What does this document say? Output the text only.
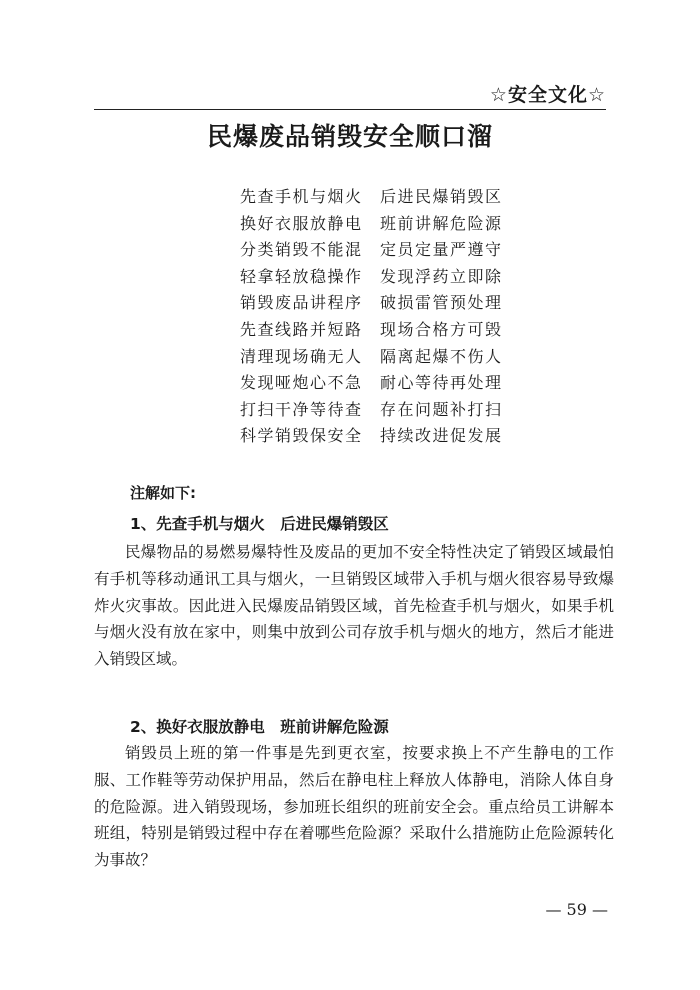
☆安全文化☆
民爆废品销毁安全顺口溜
先查手机与烟火	后进民爆销毁区
换好衣服放静电	班前讲解危险源
分类销毁不能混	定员定量严遵守
轻拿轻放稳操作	发现浮药立即除
销毁废品讲程序	破损雷管预处理
先查线路并短路	现场合格方可毁
清理现场确无人	隔离起爆不伤人
发现哑炮心不急	耐心等待再处理
打扫干净等待查	存在问题补打扫
科学销毁保安全	持续改进促发展
注解如下:
1、先查手机与烟火　后进民爆销毁区

民爆物品的易燃易爆特性及废品的更加不安全特性决定了销毁区域最怕有手机等移动通讯工具与烟火，一旦销毁区域带入手机与烟火很容易导致爆炸火灾事故。因此进入民爆废品销毁区域，首先检查手机与烟火，如果手机与烟火没有放在家中，则集中放到公司存放手机与烟火的地方，然后才能进入销毁区域。

2、换好衣服放静电　班前讲解危险源

销毁员上班的第一件事是先到更衣室，按要求换上不产生静电的工作服、工作鞋等劳动保护用品，然后在静电柱上释放人体静电，消除人体自身的危险源。进入销毁现场，参加班长组织的班前安全会。重点给员工讲解本班组，特别是销毁过程中存在着哪些危险源？采取什么措施防止危险源转化为事故？

— 59 —
